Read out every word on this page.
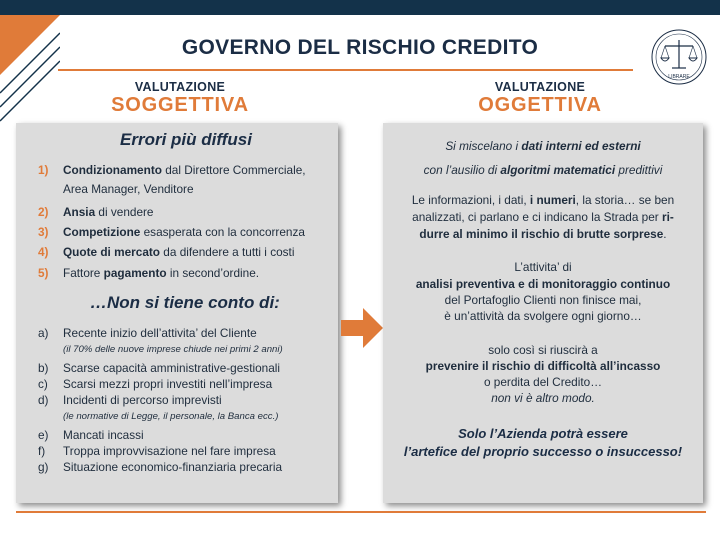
GOVERNO DEL RISCHIO CREDITO
LIBRARE
VALUTAZIONE
SOGGETTIVA
VALUTAZIONE
OGGETTIVA
Errori più diffusi
1) Condizionamento dal Direttore Commerciale,
Area Manager, Venditore
2) Ansia di vendere
3) Competizione esasperata con la concorrenza
4) Quote di mercato da difendere a tutti i costi
5) Fattore pagamento in second’ordine.
…Non si tiene conto di:
a) Recente inizio dell’attivita’ del Cliente
(il 70% delle nuove imprese chiude nei primi 2 anni)
b) Scarse capacità amministrative-gestionali
c) Scarsi mezzi propri investiti nell’impresa
d) Incidenti di percorso imprevisti
(le normative di Legge, il personale, la Banca ecc.)
e) Mancati incassi
f) Troppa improvvisazione nel fare impresa
g) Situazione economico-finanziaria precaria
Si miscelano i dati interni ed esterni
con l’ausilio di algoritmi matematici predittivi
Le informazioni, i dati, i numeri, la storia… se ben
analizzati, ci parlano e ci indicano la Strada per ri-
durre al minimo il rischio di brutte sorprese.
L’attivita’ di
analisi preventiva e di monitoraggio continuo
del Portafoglio Clienti non finisce mai,
è un’attività da svolgere ogni giorno…
solo così si riuscirà a
prevenire il rischio di difficoltà all’incasso
o perdita del Credito…
non vi è altro modo.
Solo l’Azienda potrà essere
l’artefice del proprio successo o insuccesso!
